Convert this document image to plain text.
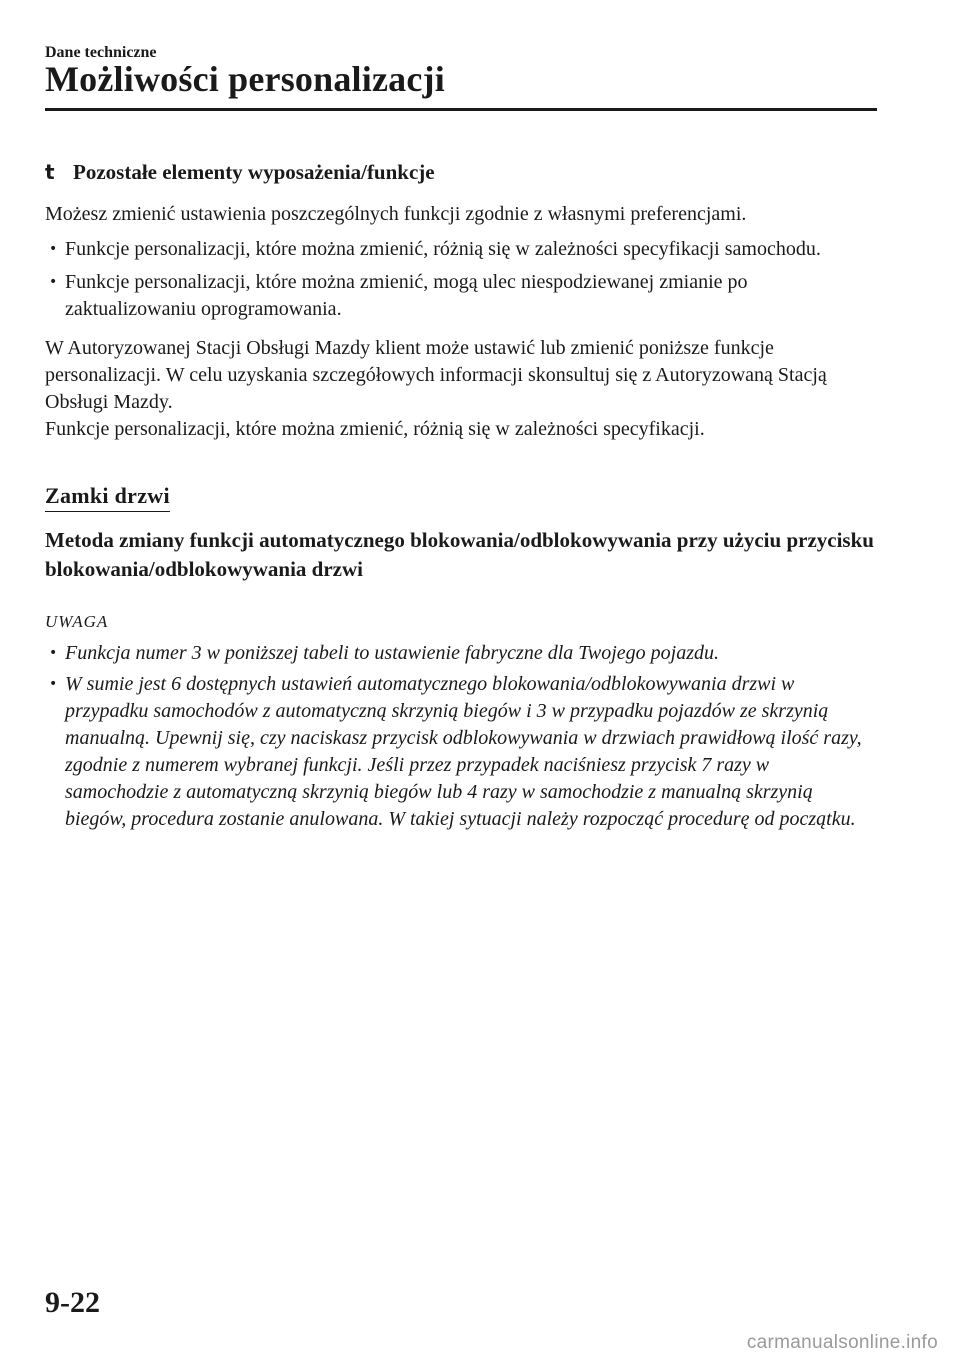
Dane techniczne
Możliwości personalizacji
t Pozostałe elementy wyposażenia/funkcje

Możesz zmienić ustawienia poszczególnych funkcji zgodnie z własnymi preferencjami.

• Funkcje personalizacji, które można zmienić, różnią się w zależności specyfikacji samochodu.
• Funkcje personalizacji, które można zmienić, mogą ulec niespodziewanej zmianie po zaktualizowaniu oprogramowania.

W Autoryzowanej Stacji Obsługi Mazdy klient może ustawić lub zmienić poniższe funkcje personalizacji. W celu uzyskania szczegółowych informacji skonsultuj się z Autoryzowaną Stacją Obsługi Mazdy.

Funkcje personalizacji, które można zmienić, różnią się w zależności specyfikacji.

Zamki drzwi
Metoda zmiany funkcji automatycznego blokowania/odblokowywania przy użyciu przycisku blokowania/odblokowywania drzwi
UWAGA
• Funkcja numer 3 w poniższej tabeli to ustawienie fabryczne dla Twojego pojazdu.
• W sumie jest 6 dostępnych ustawień automatycznego blokowania/odblokowywania drzwi w przypadku samochodów z automatyczną skrzynią biegów i 3 w przypadku pojazdów ze skrzynią manualną. Upewnij się, czy naciskasz przycisk odblokowywania w drzwiach prawidłową ilość razy, zgodnie z numerem wybranej funkcji. Jeśli przez przypadek naciśniesz przycisk 7 razy w samochodzie z automatyczną skrzynią biegów lub 4 razy w samochodzie z manualną skrzynią biegów, procedura zostanie anulowana. W takiej sytuacji należy rozpocząć procedurę od początku.
9-22
carmanualsonline.info
